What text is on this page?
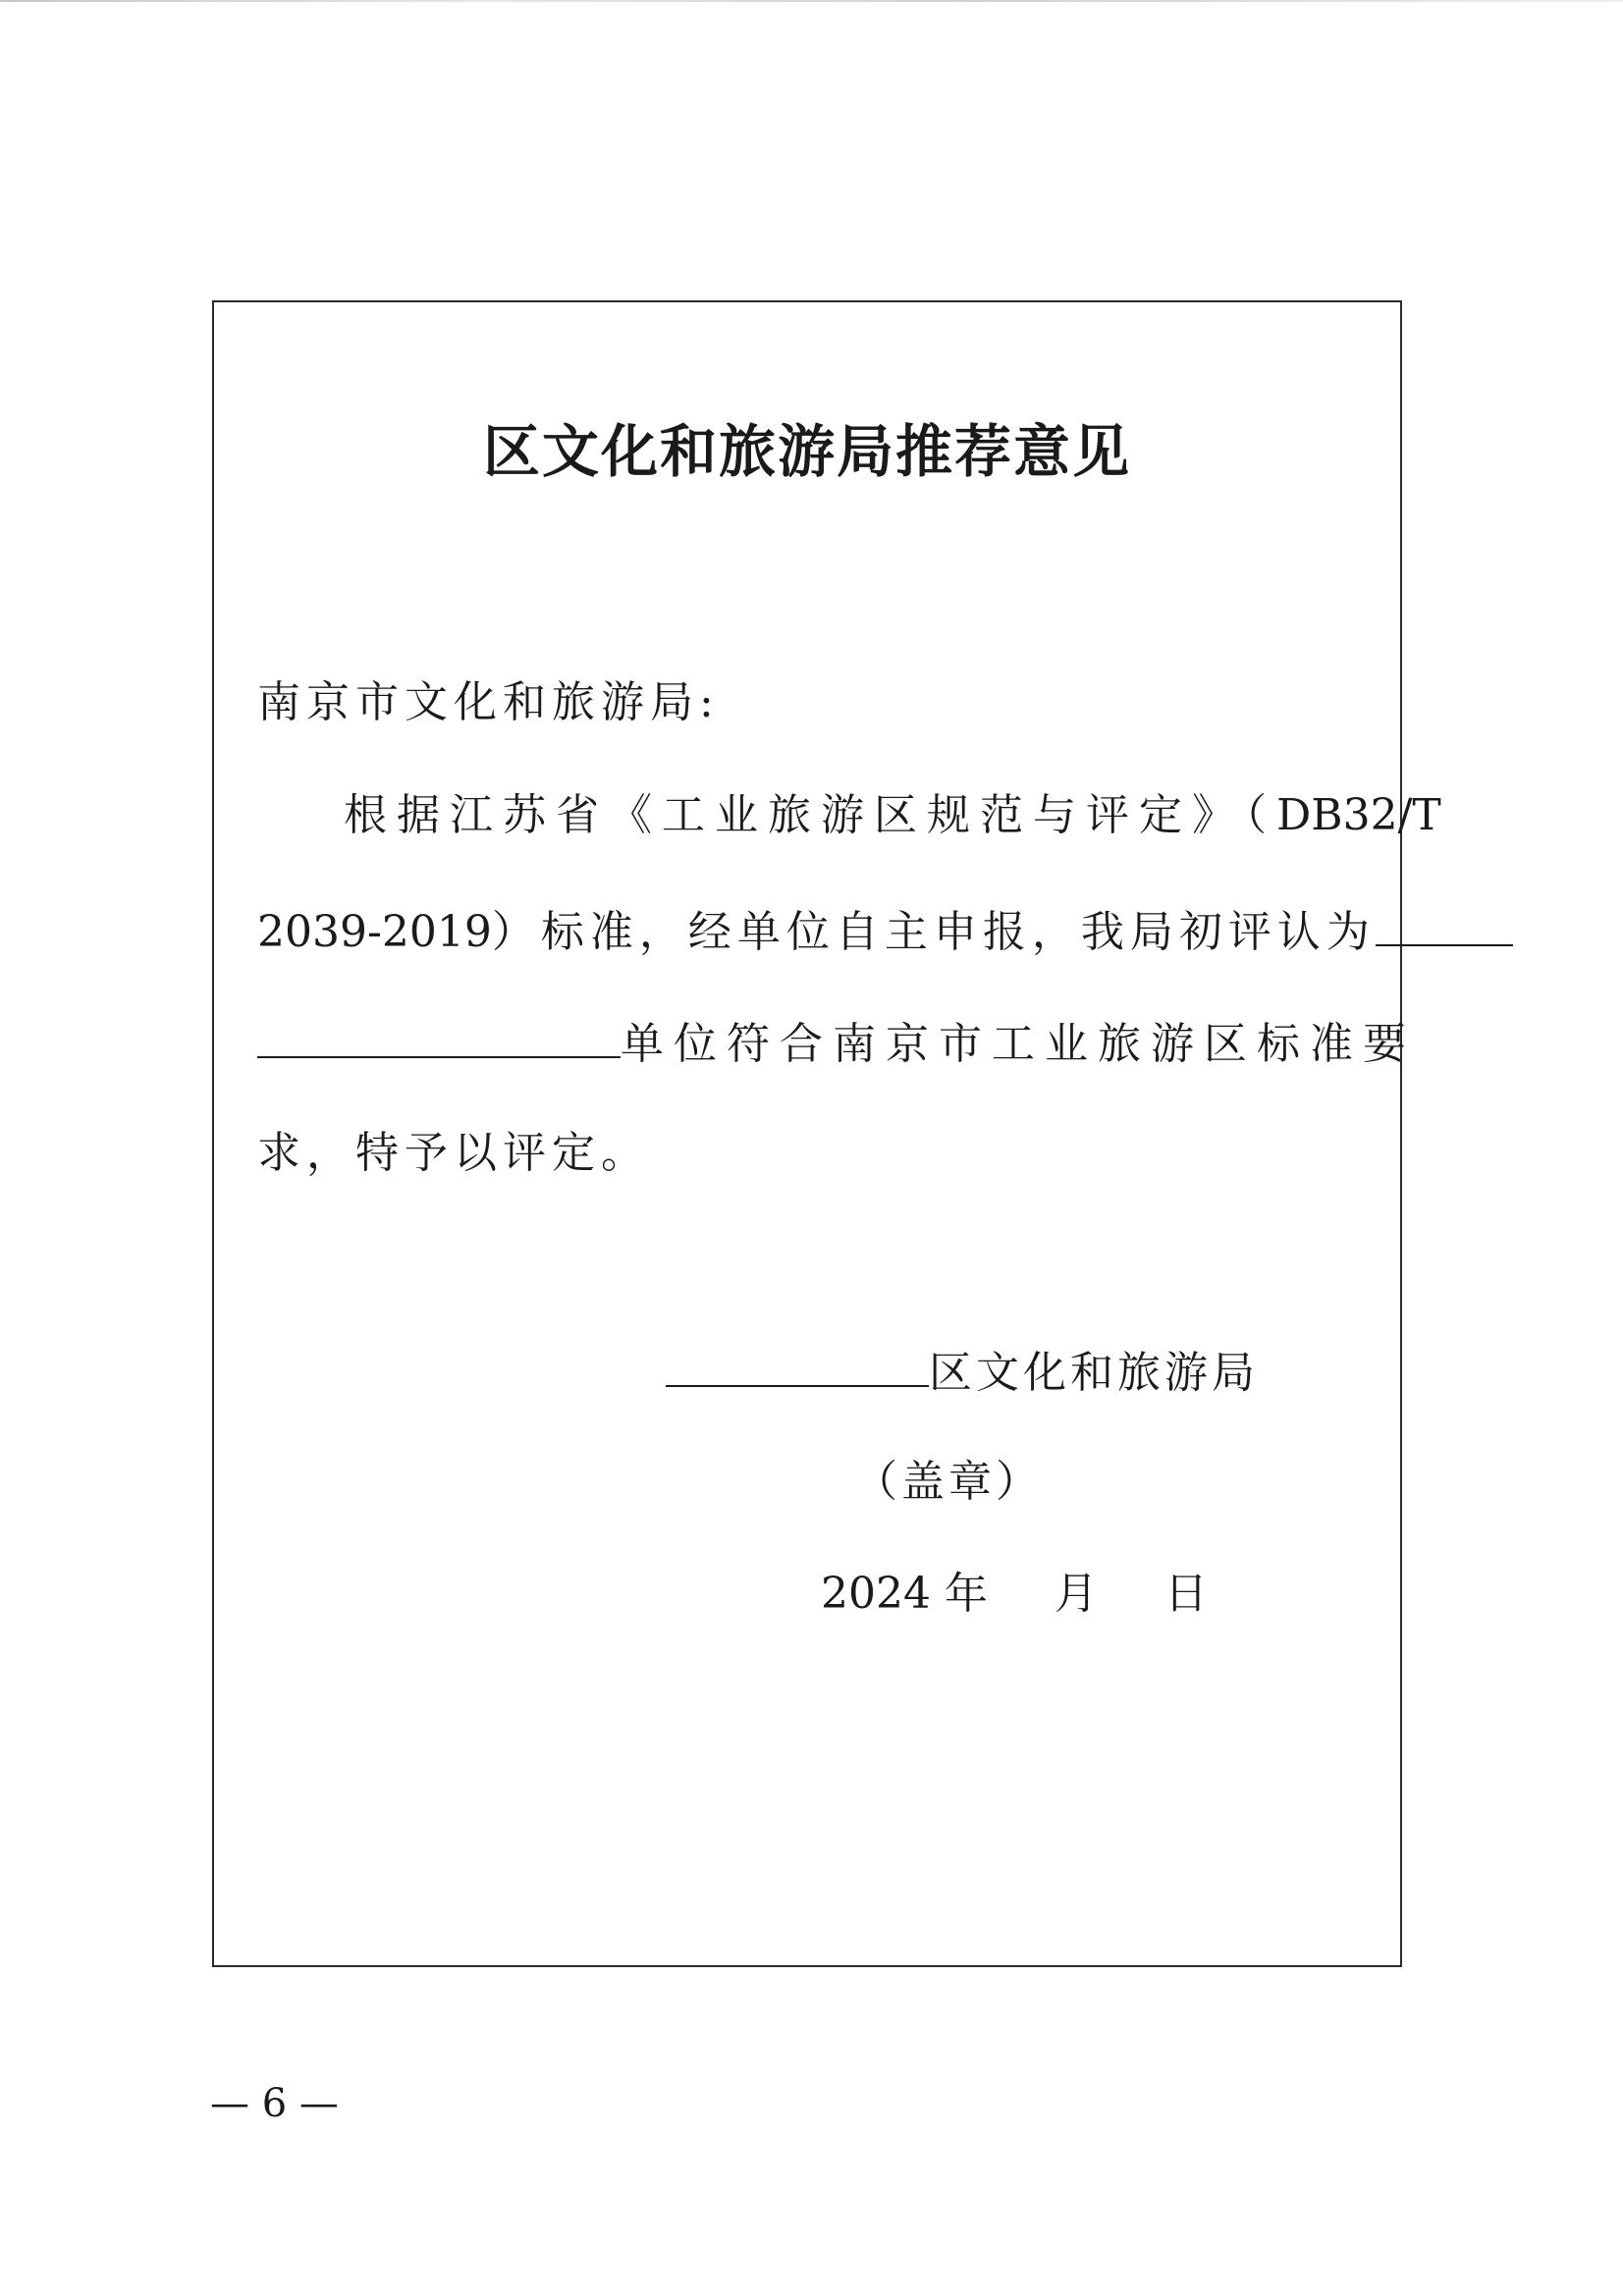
区文化和旅游局推荐意见
南京市文化和旅游局:
根据江苏省《工业旅游区规范与评定》（DB32/T
2039-2019）标准，经单位自主申报，我局初评认为
单位符合南京市工业旅游区标准要
求，特予以评定。
区文化和旅游局
（盖章）
2024 年 月 日
— 6 —
